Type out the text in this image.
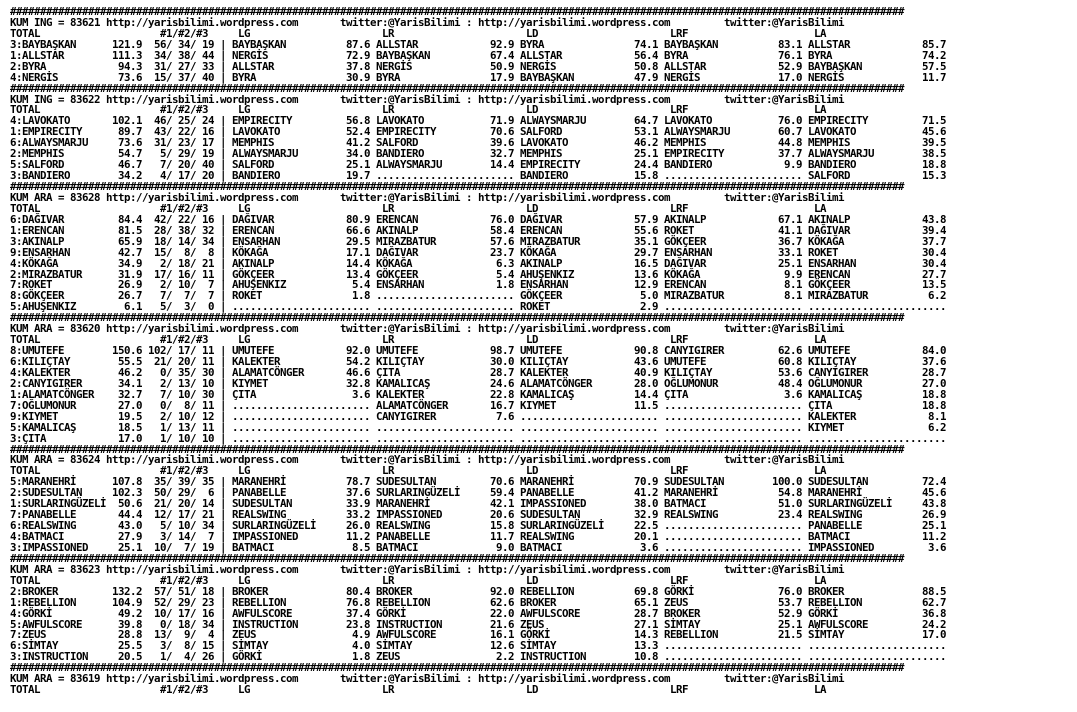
#####################################################################################################################################################
KUM ING = 83621 http://yarisbilimi.wordpress.com       twitter:@YarisBilimi : http://yarisbilimi.wordpress.com         twitter:@YarisBilimi
TOTAL                    #1/#2/#3     LG                      LR                      LD                      LRF                     LA
3:BAYBAŞKAN      121.9  56/ 34/ 19 | BAYBAŞKAN          87.6 ALLSTAR            92.9 BYRA               74.1 BAYBAŞKAN          83.1 ALLSTAR            85.7
1:ALLSTAR        111.3  34/ 38/ 44 | NERGİS             72.9 BAYBAŞKAN          67.4 ALLSTAR            56.4 BYRA               76.1 BYRA               74.2
2:BYRA            94.3  31/ 27/ 33 | ALLSTAR            37.8 NERGİS             50.9 NERGİS             50.8 ALLSTAR            52.9 BAYBAŞKAN          57.5
4:NERGİS          73.6  15/ 37/ 40 | BYRA               30.9 BYRA               17.9 BAYBAŞKAN          47.9 NERGİS             17.0 NERGİS             11.7
#####################################################################################################################################################
KUM ING = 83622 http://yarisbilimi.wordpress.com       twitter:@YarisBilimi : http://yarisbilimi.wordpress.com         twitter:@YarisBilimi
TOTAL                    #1/#2/#3     LG                      LR                      LD                      LRF                     LA
4:LAVOKATO       102.1  46/ 25/ 24 | EMPIRECITY         56.8 LAVOKATO           71.9 ALWAYSMARJU        64.7 LAVOKATO           76.0 EMPIRECITY         71.5
1:EMPIRECITY      89.7  43/ 22/ 16 | LAVOKATO           52.4 EMPIRECITY         70.6 SALFORD            53.1 ALWAYSMARJU        60.7 LAVOKATO           45.6
6:ALWAYSMARJU     73.6  31/ 23/ 17 | MEMPHIS            41.2 SALFORD            39.6 LAVOKATO           46.2 MEMPHIS            44.8 MEMPHIS            39.5
2:MEMPHIS         54.7   5/ 29/ 19 | ALWAYSMARJU        34.0 BANDIERO           32.7 MEMPHIS            25.1 EMPIRECITY         37.7 ALWAYSMARJU        38.5
5:SALFORD         46.7   7/ 20/ 40 | SALFORD            25.1 ALWAYSMARJU        14.4 EMPIRECITY         24.4 BANDIERO            9.9 BANDIERO           18.8
3:BANDIERO        34.2   4/ 17/ 20 | BANDIERO           19.7 ....................... BANDIERO           15.8 ....................... SALFORD            15.3
#####################################################################################################################################################
KUM ARA = 83628 http://yarisbilimi.wordpress.com       twitter:@YarisBilimi : http://yarisbilimi.wordpress.com         twitter:@YarisBilimi
TOTAL                    #1/#2/#3     LG                      LR                      LD                      LRF                     LA
6:DAĞIVAR         84.4  42/ 22/ 16 | DAĞIVAR            80.9 ERENCAN            76.0 DAĞIVAR            57.9 AKINALP            67.1 AKINALP            43.8
1:ERENCAN         81.5  28/ 38/ 32 | ERENCAN            66.6 AKINALP            58.4 ERENCAN            55.6 ROKET              41.1 DAĞIVAR            39.4
3:AKINALP         65.9  18/ 14/ 34 | ENSARHAN           29.5 MIRAZBATUR         57.6 MIRAZBATUR         35.1 GÖKÇEER            36.7 KÖKAĞA             37.7
9:ENSARHAN        42.7  15/  8/  8 | KÖKAĞA             17.1 DAĞIVAR            23.7 KÖKAĞA             29.7 ENSARHAN           33.1 ROKET              30.4
4:KÖKAĞA          34.9   2/ 18/ 21 | AKINALP            14.4 KÖKAĞA              6.3 AKINALP            16.5 DAĞIVAR            25.1 ENSARHAN           30.4
2:MIRAZBATUR      31.9  17/ 16/ 11 | GÖKÇEER            13.4 GÖKÇEER             5.4 AHUŞENKIZ          13.6 KÖKAĞA              9.9 ERENCAN            27.7
7:ROKET           26.9   2/ 10/  7 | AHUŞENKIZ           5.4 ENSARHAN            1.8 ENSARHAN           12.9 ERENCAN             8.1 GÖKÇEER            13.5
8:GÖKÇEER         26.7   7/  7/  7 | ROKET               1.8 ....................... GÖKÇEER             5.0 MIRAZBATUR          8.1 MIRAZBATUR          6.2
5:AHUŞENKIZ        6.1   5/  3/  0 | ....................... ....................... ROKET               2.9 ....................... .......................
#####################################################################################################################################################
KUM ARA = 83620 http://yarisbilimi.wordpress.com       twitter:@YarisBilimi : http://yarisbilimi.wordpress.com         twitter:@YarisBilimi
TOTAL                    #1/#2/#3     LG                      LR                      LD                      LRF                     LA
8:UMUTEFE        150.6 102/ 17/ 11 | UMUTEFE            92.0 UMUTEFE            98.7 UMUTEFE            90.8 CANYIGIRER         62.6 UMUTEFE            84.0
6:KILIÇTAY        55.5  21/ 20/ 11 | KALEKTER           54.2 KILIÇTAY           30.0 KILIÇTAY           43.6 UMUTEFE            60.8 KILIÇTAY           37.6
4:KALEKTER        46.2   0/ 35/ 30 | ALAMATCÖNGER       46.6 ÇITA               28.7 KALEKTER           40.9 KILIÇTAY           53.6 CANYIGIRER         28.7
2:CANYIGIRER      34.1   2/ 13/ 10 | KIYMET             32.8 KAMALICAŞ          24.6 ALAMATCÖNGER       28.0 OĞLUMONUR          48.4 OĞLUMONUR          27.0
1:ALAMATCÖNGER    32.7   7/ 10/ 30 | ÇITA                3.6 KALEKTER           22.8 KAMALICAŞ          14.4 ÇITA                3.6 KAMALICAŞ          18.8
7:OĞLUMONUR       27.0   0/  8/ 11 | ....................... ALAMATCÖNGER       16.7 KIYMET             11.5 ....................... ÇITA               18.8
9:KIYMET          19.5   2/ 10/ 12 | ....................... CANYIGIRER          7.6 ....................... ....................... KALEKTER            8.1
5:KAMALICAŞ       18.5   1/ 13/ 11 | ....................... ....................... ....................... ....................... KIYMET              6.2
3:ÇITA            17.0   1/ 10/ 10 | ....................... ....................... ....................... ....................... .......................
#####################################################################################################################################################
KUM ARA = 83624 http://yarisbilimi.wordpress.com       twitter:@YarisBilimi : http://yarisbilimi.wordpress.com         twitter:@YarisBilimi
TOTAL                    #1/#2/#3     LG                      LR                      LD                      LRF                     LA
5:MARANEHRİ      107.8  35/ 39/ 35 | MARANEHRİ          78.7 SUDESULTAN         70.6 MARANEHRİ          70.9 SUDESULTAN        100.0 SUDESULTAN         72.4
2:SUDESULTAN     102.3  50/ 29/  6 | PANABELLE          37.6 SURLARINGÜZELİ     59.4 PANABELLE          41.2 MARANEHRİ          54.8 MARANEHRİ          45.6
1:SURLARINGÜZELİ  50.6  21/ 20/ 14 | SUDESULTAN         33.9 MARANEHRİ          42.1 IMPASSIONED        38.0 BATMACI            51.0 SURLARINGÜZELİ     43.8
7:PANABELLE       44.4  12/ 17/ 21 | REALSWING          33.2 IMPASSIONED        20.6 SUDESULTAN         32.9 REALSWING          23.4 REALSWING          26.9
6:REALSWING       43.0   5/ 10/ 34 | SURLARINGÜZELİ     26.0 REALSWING          15.8 SURLARINGÜZELİ     22.5 ....................... PANABELLE          25.1
4:BATMACI         27.9   3/ 14/  7 | IMPASSIONED        11.2 PANABELLE          11.7 REALSWING          20.1 ....................... BATMACI            11.2
3:IMPASSIONED     25.1  10/  7/ 19 | BATMACI             8.5 BATMACI             9.0 BATMACI             3.6 ....................... IMPASSIONED         3.6
#####################################################################################################################################################
KUM ARA = 83623 http://yarisbilimi.wordpress.com       twitter:@YarisBilimi : http://yarisbilimi.wordpress.com         twitter:@YarisBilimi
TOTAL                    #1/#2/#3     LG                      LR                      LD                      LRF                     LA
2:BROKER         132.2  57/ 51/ 18 | BROKER             80.4 BROKER             92.0 REBELLION          69.8 GÖRKİ              76.0 BROKER             88.5
1:REBELLION      104.9  52/ 29/ 23 | REBELLION          76.8 REBELLION          62.6 BROKER             65.1 ZEUS               53.7 REBELLION          62.7
4:GÖRKİ           49.2  10/ 17/ 16 | AWFULSCORE         37.4 GÖRKİ              22.0 AWFULSCORE         28.7 BROKER             52.9 GÖRKİ              36.8
5:AWFULSCORE      39.8   0/ 18/ 34 | INSTRUCTION        23.8 INSTRUCTION        21.6 ZEUS               27.1 SİMTAY             25.1 AWFULSCORE         24.2
7:ZEUS            28.8  13/  9/  4 | ZEUS                4.9 AWFULSCORE         16.1 GÖRKİ              14.3 REBELLION          21.5 SİMTAY             17.0
6:SİMTAY          25.5   3/  8/ 15 | SİMTAY              4.0 SİMTAY             12.6 SİMTAY             13.3 ....................... .......................
3:INSTRUCTION     20.5   1/  4/ 26 | GÖRKİ               1.8 ZEUS                2.2 INSTRUCTION        10.8 ....................... .......................
#####################################################################################################################################################
KUM ARA = 83619 http://yarisbilimi.wordpress.com       twitter:@YarisBilimi : http://yarisbilimi.wordpress.com         twitter:@YarisBilimi
TOTAL                    #1/#2/#3     LG                      LR                      LD                      LRF                     LA
